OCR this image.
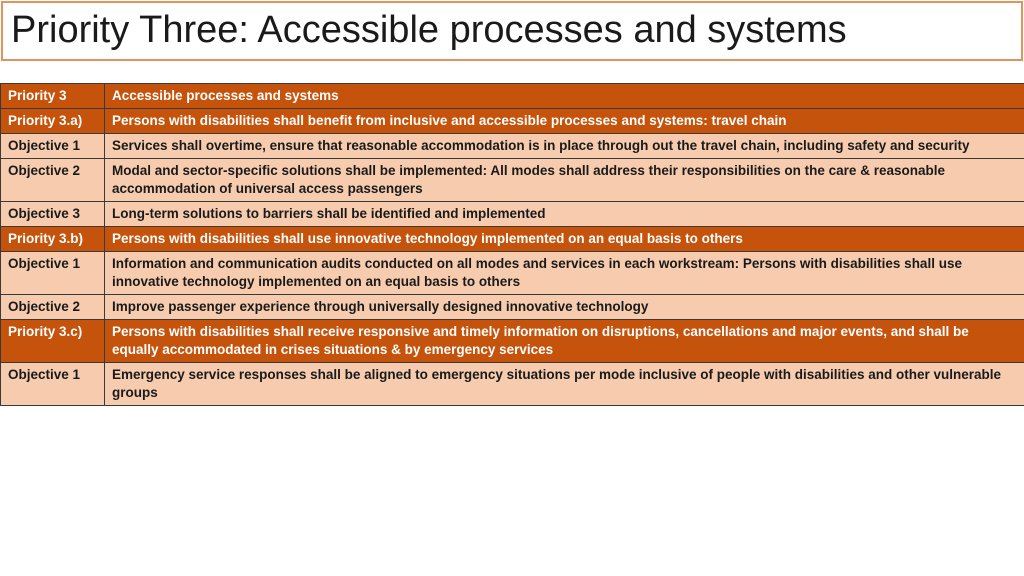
Priority Three: Accessible processes and systems
Priority 3	Accessible processes and systems
Priority 3.a)	Persons with disabilities shall benefit from inclusive and accessible processes and systems: travel chain
Objective 1	Services shall overtime, ensure that reasonable accommodation is in place through out the travel chain, including safety and security
Objective 2	Modal and sector-specific solutions shall be implemented: All modes shall address their responsibilities on the care & reasonable accommodation of universal access passengers
Objective 3	Long-term solutions to barriers shall be identified and implemented
Priority 3.b)	Persons with disabilities shall use innovative technology implemented on an equal basis to others
Objective 1	Information and communication audits conducted on all modes and services in each workstream: Persons with disabilities shall use innovative technology implemented on an equal basis to others
Objective 2	Improve passenger experience through universally designed innovative technology
Priority 3.c)	Persons with disabilities shall receive responsive and timely information on disruptions, cancellations and major events, and shall be equally accommodated in crises situations & by emergency services
Objective 1	Emergency service responses shall be aligned to emergency situations per mode inclusive of people with disabilities and other vulnerable groups
